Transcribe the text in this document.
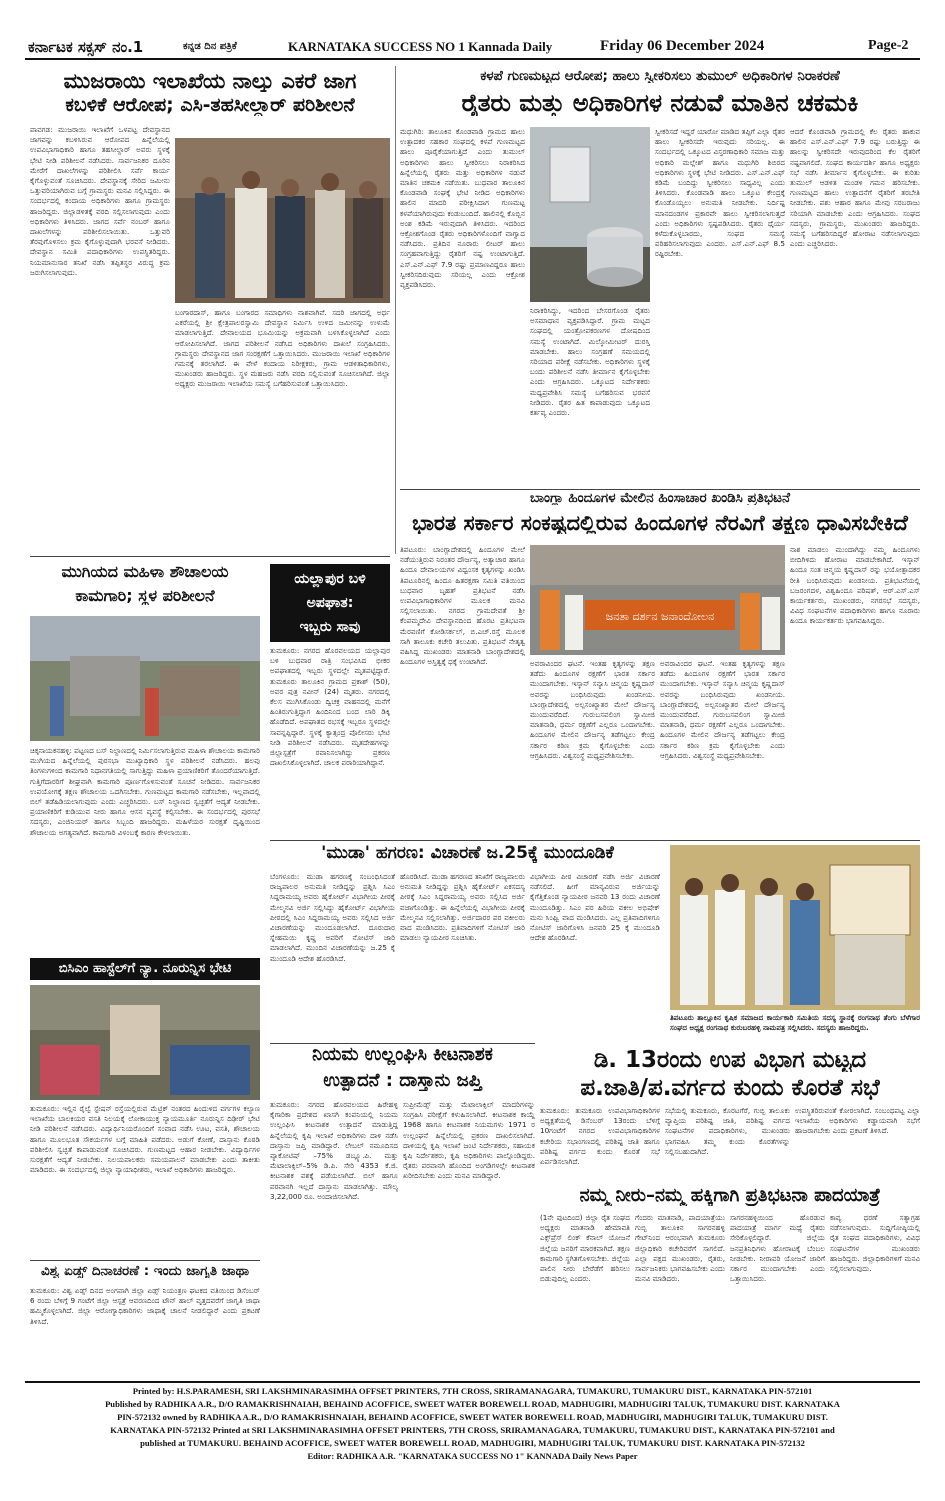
ಕರ್ನಾಟಕ ಸಕ್ಸಸ್ ನಂ.1	ಕನ್ನಡ ದಿನ ಪತ್ರಿಕೆ	KARNATAKA SUCCESS NO 1 Kannada Daily	Friday 06 December 2024	Page-2
ಮುಜರಾಯಿ ಇಲಾಖೆಯ ನಾಲ್ಕು ಎಕರೆ ಜಾಗ
ಕಬಳಿಕೆ ಆರೋಪ; ಎಸಿ-ತಹಸೀಲ್ದಾರ್ ಪರಿಶೀಲನೆ
ಪಾವಗಡ: ಮುಜರಾಯಿ ಇಲಾಖೆಗೆ ಒಳಪಟ್ಟ ದೇವಸ್ಥಾನದ ಜಾಗವನ್ನು ಕಬಳಿಸಿರುವ ಆರೋಪದ ಹಿನ್ನೆಲೆಯಲ್ಲಿ ಉಪವಿಭಾಗಾಧಿಕಾರಿ ಹಾಗೂ ತಹಸೀಲ್ದಾರ್ ಅವರು ಸ್ಥಳಕ್ಕೆ ಭೇಟಿ ನೀಡಿ ಪರಿಶೀಲನೆ ನಡೆಸಿದರು. ಸಾರ್ವಜನಿಕರ ದೂರಿನ ಮೇರೆಗೆ ದಾಖಲೆಗಳನ್ನು ಪರಿಶೀಲಿಸಿ ಸರ್ವೆ ಕಾರ್ಯ ಕೈಗೊಳ್ಳುವಂತೆ ಸೂಚಿಸಿದರು. ದೇವಸ್ಥಾನಕ್ಕೆ ಸೇರಿದ ಜಮೀನು ಒತ್ತುವರಿಯಾಗಿರುವ ಬಗ್ಗೆ ಗ್ರಾಮಸ್ಥರು ಮನವಿ ಸಲ್ಲಿಸಿದ್ದರು. ಈ ಸಂದರ್ಭದಲ್ಲಿ ಕಂದಾಯ ಅಧಿಕಾರಿಗಳು ಹಾಗೂ ಗ್ರಾಮಸ್ಥರು ಹಾಜರಿದ್ದರು. ಜಿಲ್ಲಾಡಳಿತಕ್ಕೆ ವರದಿ ಸಲ್ಲಿಸಲಾಗುವುದು ಎಂದು ಅಧಿಕಾರಿಗಳು ತಿಳಿಸಿದರು. ಜಾಗದ ಸರ್ವೆ ನಂಬರ್ ಹಾಗೂ ದಾಖಲೆಗಳನ್ನು ಪರಿಶೀಲಿಸಲಾಯಿತು. ಒತ್ತುವರಿ ತೆರವುಗೊಳಿಸಲು ಕ್ರಮ ಕೈಗೊಳ್ಳುವುದಾಗಿ ಭರವಸೆ ನೀಡಿದರು. ದೇವಸ್ಥಾನ ಸಮಿತಿ ಪದಾಧಿಕಾರಿಗಳು ಉಪಸ್ಥಿತರಿದ್ದರು. ನಿಯಮಾನುಸಾರ ತನಿಖೆ ನಡೆಸಿ ತಪ್ಪಿತಸ್ಥರ ವಿರುದ್ಧ ಕ್ರಮ ಜರುಗಿಸಲಾಗುವುದು.
ಬಂಗಾರದಾಸ್, ಹಾಗೂ ಬಂಗಾರದ ಸಮಾಧಿಗಳು ನಾಶವಾಗಿವೆ. ಸದರಿ ಜಾಗದಲ್ಲಿ ಅರ್ಧ ಎಕರೆಯಲ್ಲಿ ಶ್ರೀ ಕ್ಷೇತ್ರಪಾಲರಸ್ವಾಮಿ ದೇವಸ್ಥಾನ ನಿರ್ಮಿಸಿ ಉಳಿದ ಜಮೀನನ್ನು ಉಳುಮೆ ಮಾಡಲಾಗುತ್ತಿದೆ. ದೇವಾಲಯದ ಭೂಮಿಯನ್ನು ಅಕ್ರಮವಾಗಿ ಬಳಸಿಕೊಳ್ಳಲಾಗಿದೆ ಎಂದು ಆರೋಪಿಸಲಾಗಿದೆ. ಜಾಗದ ಪರಿಶೀಲನೆ ನಡೆಸಿದ ಅಧಿಕಾರಿಗಳು ದಾಖಲೆ ಸಂಗ್ರಹಿಸಿದರು. ಗ್ರಾಮಸ್ಥರು ದೇವಸ್ಥಾನದ ಜಾಗ ಸಂರಕ್ಷಣೆಗೆ ಒತ್ತಾಯಿಸಿದರು. ಮುಜರಾಯಿ ಇಲಾಖೆ ಅಧಿಕಾರಿಗಳ ಗಮನಕ್ಕೆ ತರಲಾಗಿದೆ. ಈ ವೇಳೆ ಕಂದಾಯ ನಿರೀಕ್ಷಕರು, ಗ್ರಾಮ ಆಡಳಿತಾಧಿಕಾರಿಗಳು, ಮುಖಂಡರು ಹಾಜರಿದ್ದರು. ಸ್ಥಳ ಮಹಜರು ನಡೆಸಿ ವರದಿ ಸಲ್ಲಿಸುವಂತೆ ಸೂಚಿಸಲಾಗಿದೆ. ಜಿಲ್ಲಾ ಅಧ್ಯಕ್ಷರು ಮುಜರಾಯಿ ಇಲಾಖೆಯ ಸಮಸ್ಯೆ ಬಗೆಹರಿಸುವಂತೆ ಒತ್ತಾಯಿಸಿದರು.
ಕಳಪೆ ಗುಣಮಟ್ಟದ ಆರೋಪ; ಹಾಲು ಸ್ವೀಕರಿಸಲು ತುಮುಲ್ ಅಧಿಕಾರಿಗಳ ನಿರಾಕರಣೆ
ರೈತರು ಮತ್ತು ಅಧಿಕಾರಿಗಳ ನಡುವೆ ಮಾತಿನ ಚಕಮಕಿ
ಮಧುಗಿರಿ: ತಾಲೂಕಿನ ಕೊಂಡವಾಡಿ ಗ್ರಾಮದ ಹಾಲು ಉತ್ಪಾದಕರ ಸಹಕಾರ ಸಂಘದಲ್ಲಿ ಕಳಪೆ ಗುಣಮಟ್ಟದ ಹಾಲು ಪೂರೈಕೆಯಾಗುತ್ತಿದೆ ಎಂದು ತುಮುಲ್ ಅಧಿಕಾರಿಗಳು ಹಾಲು ಸ್ವೀಕರಿಸಲು ನಿರಾಕರಿಸಿದ ಹಿನ್ನೆಲೆಯಲ್ಲಿ ರೈತರು ಮತ್ತು ಅಧಿಕಾರಿಗಳ ನಡುವೆ ಮಾತಿನ ಚಕಮಕಿ ನಡೆಯಿತು. ಬುಧವಾರ ತಾಲೂಕಿನ ಕೊಂಡವಾಡಿ ಸಂಘಕ್ಕೆ ಭೇಟಿ ನೀಡಿದ ಅಧಿಕಾರಿಗಳು ಹಾಲಿನ ಮಾದರಿ ಪರೀಕ್ಷಿಸಿದಾಗ ಗುಣಮಟ್ಟ ಕಳಪೆಯಾಗಿರುವುದು ಕಂಡುಬಂದಿದೆ. ಹಾಲಿನಲ್ಲಿ ಕೊಬ್ಬಿನ ಅಂಶ ಕಡಿಮೆ ಇರುವುದಾಗಿ ತಿಳಿಸಿದರು. ಇದರಿಂದ ಆಕ್ರೋಶಗೊಂಡ ರೈತರು ಅಧಿಕಾರಿಗಳೊಂದಿಗೆ ವಾಗ್ವಾದ ನಡೆಸಿದರು. ಪ್ರತಿದಿನ ನೂರಾರು ಲೀಟರ್ ಹಾಲು ಸಂಗ್ರಹವಾಗುತ್ತಿದ್ದು ರೈತರಿಗೆ ನಷ್ಟ ಉಂಟಾಗುತ್ತಿದೆ. ಎಸ್.ಎನ್.ಎಫ್ 7.9 ರಷ್ಟು ಪ್ರಮಾಣವಿದ್ದರೂ ಹಾಲು ಸ್ವೀಕರಿಸದಿರುವುದು ಸರಿಯಲ್ಲ ಎಂದು ಆಕ್ರೋಶ ವ್ಯಕ್ತಪಡಿಸಿದರು.
ನಿರಾಕರಿಸಿದ್ದು, ಇದರಿಂದ ಬೇಸರಗೊಂಡ ರೈತರು ಅಸಮಾಧಾನ ವ್ಯಕ್ತಪಡಿಸಿದ್ದಾರೆ. ಗ್ರಾಮ ಮಟ್ಟದ ಸಂಘದಲ್ಲಿ ಯಂತ್ರೋಪಕರಣಗಳ ದೋಷದಿಂದ ಸಮಸ್ಯೆ ಉಂಟಾಗಿದೆ. ಮಿಲ್ಕೋಮೀಟರ್ ದುರಸ್ತಿ ಮಾಡಬೇಕು. ಹಾಲು ಸಂಗ್ರಹಣೆ ಸಮಯದಲ್ಲಿ ಸರಿಯಾದ ಪರೀಕ್ಷೆ ನಡೆಸಬೇಕು. ಅಧಿಕಾರಿಗಳು ಸ್ಥಳಕ್ಕೆ ಬಂದು ಪರಿಶೀಲನೆ ನಡೆಸಿ ತೀರ್ಮಾನ ಕೈಗೊಳ್ಳಬೇಕು ಎಂದು ಆಗ್ರಹಿಸಿದರು. ಒಕ್ಕೂಟದ ನಿರ್ದೇಶಕರು ಮಧ್ಯಪ್ರವೇಶಿಸಿ ಸಮಸ್ಯೆ ಬಗೆಹರಿಸುವ ಭರವಸೆ ನೀಡಿದರು. ರೈತರ ಹಿತ ಕಾಪಾಡುವುದು ಒಕ್ಕೂಟದ ಕರ್ತವ್ಯ ಎಂದರು.
ಸ್ವೀಕರಿಸದೆ ಇದ್ದರೆ ಯಾರೋ ಮಾಡಿದ ತಪ್ಪಿಗೆ ಎಲ್ಲಾ ರೈತರ ಹಾಲು ಸ್ವೀಕರಿಸದೇ ಇರುವುದು ಸರಿಯಲ್ಲ. ಈ ಸಂದರ್ಭದಲ್ಲಿ ಒಕ್ಕೂಟದ ವಿಸ್ತರಣಾಧಿಕಾರಿ ಸಮಾಜ ಮತ್ತು ಅಧಿಕಾರಿ ಮಲ್ಲೇಶ್ ಹಾಗೂ ಮಧುಗಿರಿ ಶಿಬಿರದ ಅಧಿಕಾರಿಗಳು ಸ್ಥಳಕ್ಕೆ ಭೇಟಿ ನೀಡಿದರು. ಎಸ್.ಎನ್.ಎಫ್ ಕಡಿಮೆ ಬಂದಿದ್ದು ಸ್ವೀಕರಿಸಲು ಸಾಧ್ಯವಿಲ್ಲ ಎಂದು ತಿಳಿಸಿದರು. ಕೊಂಡವಾಡಿ ಹಾಲು ಒಕ್ಕೂಟ ಕೇಂದ್ರಕ್ಕೆ ಕೊಂಡೊಯ್ಯಲು ಅನುಮತಿ ನೀಡಬೇಕು. ನಿರ್ದಿಷ್ಟ ಮಾನದಂಡಗಳ ಪ್ರಕಾರವೇ ಹಾಲು ಸ್ವೀಕರಿಸಲಾಗುತ್ತದೆ ಎಂದು ಅಧಿಕಾರಿಗಳು ಸ್ಪಷ್ಟಪಡಿಸಿದರು. ರೈತರು ಧೈರ್ಯ ಕಳೆದುಕೊಳ್ಳಬಾರದು, ಸಂಘದ ಸಮಸ್ಯೆ ಪರಿಹರಿಸಲಾಗುವುದು ಎಂದರು. ಎಸ್.ಎನ್.ಎಫ್ 8.5 ರಷ್ಟಿರಬೇಕು.
ಆದರೆ ಕೊಂಡವಾಡಿ ಗ್ರಾಮದಲ್ಲಿ ಕೆಲ ರೈತರು ಹಾಕುವ ಹಾಲಿನ ಎಸ್.ಎನ್.ಎಫ್ 7.9 ರಷ್ಟು ಬರುತ್ತಿದ್ದು ಈ ಹಾಲನ್ನು ಸ್ವೀಕರಿಸದೇ ಇರುವುದರಿಂದ ಕೆಲ ರೈತರಿಗೆ ನಷ್ಟವಾಗಲಿದೆ. ಸಂಘದ ಕಾರ್ಯದರ್ಶಿ ಹಾಗೂ ಅಧ್ಯಕ್ಷರು ಸಭೆ ನಡೆಸಿ ತೀರ್ಮಾನ ಕೈಗೊಳ್ಳಬೇಕು. ಈ ಕುರಿತು ತುಮುಲ್ ಆಡಳಿತ ಮಂಡಳಿ ಗಮನ ಹರಿಸಬೇಕು. ಗುಣಮಟ್ಟದ ಹಾಲು ಉತ್ಪಾದನೆಗೆ ರೈತರಿಗೆ ತರಬೇತಿ ನೀಡಬೇಕು. ಪಶು ಆಹಾರ ಹಾಗೂ ಮೇವು ಸರಬರಾಜು ಸರಿಯಾಗಿ ಮಾಡಬೇಕು ಎಂದು ಆಗ್ರಹಿಸಿದರು. ಸಂಘದ ಸದಸ್ಯರು, ಗ್ರಾಮಸ್ಥರು, ಮುಖಂಡರು ಹಾಜರಿದ್ದರು. ಸಮಸ್ಯೆ ಬಗೆಹರಿಸದಿದ್ದರೆ ಹೋರಾಟ ನಡೆಸಲಾಗುವುದು ಎಂದು ಎಚ್ಚರಿಸಿದರು.
ಬಾಂಗ್ಲಾ ಹಿಂದೂಗಳ ಮೇಲಿನ ಹಿಂಸಾಚಾರ ಖಂಡಿಸಿ ಪ್ರತಿಭಟನೆ
ಭಾರತ ಸರ್ಕಾರ ಸಂಕಷ್ಟದಲ್ಲಿರುವ ಹಿಂದೂಗಳ ನೆರವಿಗೆ ತಕ್ಷಣ ಧಾವಿಸಬೇಕಿದೆ
ತಿಪಟೂರು: ಬಾಂಗ್ಲಾದೇಶದಲ್ಲಿ ಹಿಂದೂಗಳ ಮೇಲೆ ನಡೆಯುತ್ತಿರುವ ನಿರಂತರ ದೌರ್ಜನ್ಯ, ಅತ್ಯಾಚಾರ ಹಾಗೂ ಹಿಂದೂ ದೇವಾಲಯಗಳ ವಿಧ್ವಂಸಕ ಕೃತ್ಯಗಳನ್ನು ಖಂಡಿಸಿ ತಿಪಟೂರಿನಲ್ಲಿ ಹಿಂದೂ ಹಿತರಕ್ಷಣಾ ಸಮಿತಿ ವತಿಯಿಂದ ಬುಧವಾರ ಬೃಹತ್ ಪ್ರತಿಭಟನೆ ನಡೆಸಿ ಉಪವಿಭಾಗಾಧಿಕಾರಿಗಳ ಮೂಲಕ ಮನವಿ ಸಲ್ಲಿಸಲಾಯಿತು. ನಗರದ ಗ್ರಾಮದೇವತೆ ಶ್ರೀ ಕೆಂಪಮ್ಮದೇವಿ ದೇವಸ್ಥಾನದಿಂದ ಹೊರಟ ಪ್ರತಿಭಟನಾ ಮೆರವಣಿಗೆ ಕೋಡಿಸರ್ಕಲ್, ಬಿ.ಎಚ್.ರಸ್ತೆ ಮೂಲಕ ಸಾಗಿ ತಾಲೂಕು ಕಚೇರಿ ತಲುಪಿತು. ಪ್ರತಿಭಟನೆ ನೇತೃತ್ವ ವಹಿಸಿದ್ದ ಮುಖಂಡರು ಮಾತನಾಡಿ ಬಾಂಗ್ಲಾದೇಶದಲ್ಲಿ ಹಿಂದೂಗಳ ಅಸ್ತಿತ್ವಕ್ಕೆ ಧಕ್ಕೆ ಉಂಟಾಗಿದೆ.
ಜನತಾ ದರ್ಶನ ಜನಾಂದೋಲನ
ಅವರಾವಿಂದರ ಘಟನೆ. ಇಂತಹ ಕೃತ್ಯಗಳನ್ನು ತಕ್ಷಣ ತಡೆದು ಹಿಂದೂಗಳ ರಕ್ಷಣೆಗೆ ಭಾರತ ಸರ್ಕಾರ ಮುಂದಾಗಬೇಕು. ಇಸ್ಕಾನ್ ಸನ್ಯಾಸಿ ಚಿನ್ಮಯ ಕೃಷ್ಣದಾಸ್ ಅವರನ್ನು ಬಂಧಿಸಿರುವುದು ಖಂಡನೀಯ. ಬಾಂಗ್ಲಾದೇಶದಲ್ಲಿ ಅಲ್ಪಸಂಖ್ಯಾತರ ಮೇಲೆ ದೌರ್ಜನ್ಯ ಮುಂದುವರೆದಿದೆ. ಗುರುಬಸವಲಿಂಗ ಸ್ವಾಮೀಜಿ ಮಾತನಾಡಿ, ಧರ್ಮ ರಕ್ಷಣೆಗೆ ಎಲ್ಲರೂ ಒಂದಾಗಬೇಕು. ಹಿಂದೂಗಳ ಮೇಲಿನ ದೌರ್ಜನ್ಯ ತಡೆಗಟ್ಟಲು ಕೇಂದ್ರ ಸರ್ಕಾರ ಕಠಿಣ ಕ್ರಮ ಕೈಗೊಳ್ಳಬೇಕು ಎಂದು ಆಗ್ರಹಿಸಿದರು. ವಿಶ್ವಸಂಸ್ಥೆ ಮಧ್ಯಪ್ರವೇಶಿಸಬೇಕು.
ಅವರಾವಿಂದರ ಘಟನೆ. ಇಂತಹ ಕೃತ್ಯಗಳನ್ನು ತಕ್ಷಣ ತಡೆದು ಹಿಂದೂಗಳ ರಕ್ಷಣೆಗೆ ಭಾರತ ಸರ್ಕಾರ ಮುಂದಾಗಬೇಕು. ಇಸ್ಕಾನ್ ಸನ್ಯಾಸಿ ಚಿನ್ಮಯ ಕೃಷ್ಣದಾಸ್ ಅವರನ್ನು ಬಂಧಿಸಿರುವುದು ಖಂಡನೀಯ. ಬಾಂಗ್ಲಾದೇಶದಲ್ಲಿ ಅಲ್ಪಸಂಖ್ಯಾತರ ಮೇಲೆ ದೌರ್ಜನ್ಯ ಮುಂದುವರೆದಿದೆ. ಗುರುಬಸವಲಿಂಗ ಸ್ವಾಮೀಜಿ ಮಾತನಾಡಿ, ಧರ್ಮ ರಕ್ಷಣೆಗೆ ಎಲ್ಲರೂ ಒಂದಾಗಬೇಕು. ಹಿಂದೂಗಳ ಮೇಲಿನ ದೌರ್ಜನ್ಯ ತಡೆಗಟ್ಟಲು ಕೇಂದ್ರ ಸರ್ಕಾರ ಕಠಿಣ ಕ್ರಮ ಕೈಗೊಳ್ಳಬೇಕು ಎಂದು ಆಗ್ರಹಿಸಿದರು. ವಿಶ್ವಸಂಸ್ಥೆ ಮಧ್ಯಪ್ರವೇಶಿಸಬೇಕು.
ನಾಶ ಮಾಡಲು ಮುಂದಾಗಿದ್ದು ನಮ್ಮ ಹಿಂದೂಗಳು ಬೀದಿಗಿಳಿದು ಹೋರಾಟ ಮಾಡಬೇಕಾಗಿದೆ. ಇಸ್ಕಾನ್ ಹಿಂದೂ ಸಂತ ಚಿನ್ಮಯ ಕೃಷ್ಣದಾಸ್ ರನ್ನು ಭಯೋತ್ಪಾದಕರ ರೀತಿ ಬಂಧಿಸಿರುವುದು ಖಂಡನೀಯ. ಪ್ರತಿಭಟನೆಯಲ್ಲಿ ಬಜರಂಗದಳ, ವಿಶ್ವಹಿಂದೂ ಪರಿಷತ್, ಆರ್.ಎಸ್.ಎಸ್ ಕಾರ್ಯಕರ್ತರು, ಮುಖಂಡರು, ನಗರಸಭೆ ಸದಸ್ಯರು, ವಿವಿಧ ಸಂಘಟನೆಗಳ ಪದಾಧಿಕಾರಿಗಳು ಹಾಗೂ ನೂರಾರು ಹಿಂದೂ ಕಾರ್ಯಕರ್ತರು ಭಾಗವಹಿಸಿದ್ದರು.
ಮುಗಿಯದ ಮಹಿಳಾ ಶೌಚಾಲಯ
ಕಾಮಗಾರಿ; ಸ್ಥಳ ಪರಿಶೀಲನೆ
ಚಿಕ್ಕನಾಯಕನಹಳ್ಳಿ: ಪಟ್ಟಣದ ಬಸ್ ನಿಲ್ದಾಣದಲ್ಲಿ ನಿರ್ಮಿಸಲಾಗುತ್ತಿರುವ ಮಹಿಳಾ ಶೌಚಾಲಯ ಕಾಮಗಾರಿ ಮುಗಿಯದ ಹಿನ್ನೆಲೆಯಲ್ಲಿ ಪುರಸಭಾ ಮುಖ್ಯಾಧಿಕಾರಿ ಸ್ಥಳ ಪರಿಶೀಲನೆ ನಡೆಸಿದರು. ಹಲವು ತಿಂಗಳುಗಳಿಂದ ಕಾಮಗಾರಿ ನಿಧಾನಗತಿಯಲ್ಲಿ ಸಾಗುತ್ತಿದ್ದು ಮಹಿಳಾ ಪ್ರಯಾಣಿಕರಿಗೆ ತೊಂದರೆಯಾಗುತ್ತಿದೆ. ಗುತ್ತಿಗೆದಾರರಿಗೆ ಶೀಘ್ರವಾಗಿ ಕಾಮಗಾರಿ ಪೂರ್ಣಗೊಳಿಸುವಂತೆ ಸೂಚನೆ ನೀಡಿದರು. ಸಾರ್ವಜನಿಕರ ಉಪಯೋಗಕ್ಕೆ ತಕ್ಷಣ ಶೌಚಾಲಯ ಒದಗಿಸಬೇಕು. ಗುಣಮಟ್ಟದ ಕಾಮಗಾರಿ ನಡೆಸಬೇಕು, ಇಲ್ಲವಾದಲ್ಲಿ ಬಿಲ್ ತಡೆಹಿಡಿಯಲಾಗುವುದು ಎಂದು ಎಚ್ಚರಿಸಿದರು. ಬಸ್ ನಿಲ್ದಾಣದ ಸ್ವಚ್ಛತೆಗೆ ಆದ್ಯತೆ ನೀಡಬೇಕು. ಪ್ರಯಾಣಿಕರಿಗೆ ಕುಡಿಯುವ ನೀರು ಹಾಗೂ ಆಸನ ವ್ಯವಸ್ಥೆ ಕಲ್ಪಿಸಬೇಕು. ಈ ಸಂದರ್ಭದಲ್ಲಿ ಪುರಸಭೆ ಸದಸ್ಯರು, ಎಂಜಿನಿಯರ್ ಹಾಗೂ ಸಿಬ್ಬಂದಿ ಹಾಜರಿದ್ದರು. ಮಹಿಳೆಯರ ಸುರಕ್ಷತೆ ದೃಷ್ಟಿಯಿಂದ ಶೌಚಾಲಯ ಅಗತ್ಯವಾಗಿದೆ. ಕಾಮಗಾರಿ ವಿಳಂಬಕ್ಕೆ ಕಾರಣ ಕೇಳಲಾಯಿತು.
ಯಲ್ಲಾಪುರ ಬಳಿ
ಅಪಘಾತ:
ಇಬ್ಬರು ಸಾವು
ತುಮಕೂರು: ನಗರದ ಹೊರವಲಯದ ಯಲ್ಲಾಪುರ ಬಳಿ ಬುಧವಾರ ರಾತ್ರಿ ಸಂಭವಿಸಿದ ಭೀಕರ ಅಪಘಾತದಲ್ಲಿ ಇಬ್ಬರು ಸ್ಥಳದಲ್ಲೇ ಮೃತಪಟ್ಟಿದ್ದಾರೆ. ತುಮಕೂರು ತಾಲೂಕಿನ ಗ್ರಾಮದ ಪ್ರಕಾಶ್ (50), ಅವರ ಪುತ್ರ ನವೀನ್ (24) ಮೃತರು. ನಗರದಲ್ಲಿ ಕೆಲಸ ಮುಗಿಸಿಕೊಂಡು ದ್ವಿಚಕ್ರ ವಾಹನದಲ್ಲಿ ಮನೆಗೆ ಹಿಂತಿರುಗುತ್ತಿದ್ದಾಗ ಹಿಂದಿನಿಂದ ಬಂದ ಲಾರಿ ಡಿಕ್ಕಿ ಹೊಡೆದಿದೆ. ಅಪಘಾತದ ರಭಸಕ್ಕೆ ಇಬ್ಬರೂ ಸ್ಥಳದಲ್ಲೇ ಸಾವನ್ನಪ್ಪಿದ್ದಾರೆ. ಸ್ಥಳಕ್ಕೆ ಕ್ಯಾತ್ಸಂದ್ರ ಪೊಲೀಸರು ಭೇಟಿ ನೀಡಿ ಪರಿಶೀಲನೆ ನಡೆಸಿದರು. ಮೃತದೇಹಗಳನ್ನು ಜಿಲ್ಲಾಸ್ಪತ್ರೆಗೆ ರವಾನಿಸಲಾಗಿದ್ದು ಪ್ರಕರಣ ದಾಖಲಿಸಿಕೊಳ್ಳಲಾಗಿದೆ. ಚಾಲಕ ಪರಾರಿಯಾಗಿದ್ದಾನೆ.
'ಮುಡಾ' ಹಗರಣ: ವಿಚಾರಣೆ ಜ.25ಕ್ಕೆ ಮುಂದೂಡಿಕೆ
ಬೆಂಗಳೂರು: ಮುಡಾ ಹಗರಣಕ್ಕೆ ಸಂಬಂಧಿಸಿದಂತೆ ರಾಜ್ಯಪಾಲರ ಅನುಮತಿ ನೀಡಿದ್ದನ್ನು ಪ್ರಶ್ನಿಸಿ ಸಿಎಂ ಸಿದ್ದರಾಮಯ್ಯ ಅವರು ಹೈಕೋರ್ಟ್ ವಿಭಾಗೀಯ ಪೀಠಕ್ಕೆ ಮೇಲ್ಮನವಿ ಅರ್ಜಿ ಸಲ್ಲಿಸಿದ್ದು ಹೈಕೋರ್ಟ್ ವಿಭಾಗೀಯ ಪೀಠದಲ್ಲಿ ಸಿಎಂ ಸಿದ್ದರಾಮಯ್ಯ ಅವರು ಸಲ್ಲಿಸಿದ ಅರ್ಜಿ ವಿಚಾರಣೆಯನ್ನು ಮುಂದೂಡಲಾಗಿದೆ. ದೂರುದಾರ ಸ್ನೇಹಮಯಿ ಕೃಷ್ಣ ಅವರಿಗೆ ನೋಟಿಸ್ ಜಾರಿ ಮಾಡಲಾಗಿದೆ. ಮುಂದಿನ ವಿಚಾರಣೆಯನ್ನು ಜ.25 ಕ್ಕೆ ಮುಂದೂಡಿ ಆದೇಶ ಹೊರಡಿಸಿದೆ.
ಹೊರಡಿಸಿದೆ. ಮುಡಾ ಹಗರಣದ ತನಿಖೆಗೆ ರಾಜ್ಯಪಾಲರು ಅನುಮತಿ ನೀಡಿದ್ದನ್ನು ಪ್ರಶ್ನಿಸಿ ಹೈಕೋರ್ಟ್ ಏಕಸದಸ್ಯ ಪೀಠಕ್ಕೆ ಸಿಎಂ ಸಿದ್ದರಾಮಯ್ಯ ಅವರು ಸಲ್ಲಿಸಿದ ಅರ್ಜಿ ವಜಾಗೊಂಡಿತ್ತು. ಈ ಹಿನ್ನೆಲೆಯಲ್ಲಿ ವಿಭಾಗೀಯ ಪೀಠಕ್ಕೆ ಮೇಲ್ಮನವಿ ಸಲ್ಲಿಸಲಾಗಿತ್ತು. ಅರ್ಜಿದಾರರ ಪರ ವಕೀಲರು ವಾದ ಮಂಡಿಸಿದರು. ಪ್ರತಿವಾದಿಗಳಿಗೆ ನೋಟಿಸ್ ಜಾರಿ ಮಾಡಲು ನ್ಯಾಯಪೀಠ ಸೂಚಿಸಿತು.
ವಿಭಾಗೀಯ ಪೀಠ ವಿಚಾರಣೆ ನಡೆಸಿ ಅರ್ಜಿ ವಿಚಾರಣೆ ನಡೆಸಲಿದೆ. ಹೀಗೆ ಮಾನ್ಯವಿರುವ ಅರ್ಜಿಯನ್ನು ಕೈಗೆತ್ತಿಕೊಂಡ ನ್ಯಾಯಪೀಠ ಜನವರಿ 13 ರಂದು ವಿಚಾರಣೆ ಮುಂದೂಡಿತ್ತು. ಸಿಎಂ ಪರ ಹಿರಿಯ ವಕೀಲ ಅಭಿಷೇಕ್ ಮನು ಸಿಂಘ್ವಿ ವಾದ ಮಂಡಿಸಿದರು. ಎಲ್ಲ ಪ್ರತಿವಾದಿಗಳಿಗೂ ನೋಟಿಸ್ ಜಾರಿಗೊಳಿಸಿ ಜನವರಿ 25 ಕ್ಕೆ ಮುಂದೂಡಿ ಆದೇಶ ಹೊರಡಿಸಿದೆ.
ತಿಪಟೂರು ತಾಲ್ಲೂಕಿನ ಕೃಷಿಕ ಸಮಾಜದ ಕಾರ್ಯಕಾರಿ ಸಮಿತಿಯ ಸದಸ್ಯ ಸ್ಥಾನಕ್ಕೆ ರಂಗನಾಥ ತೆಂಗು ಬೆಳೆಗಾರ ಸಂಘದ ಅಧ್ಯಕ್ಷ ರಂಗನಾಥ ಕುರುಬರಹಳ್ಳಿ ನಾಮಪತ್ರ ಸಲ್ಲಿಸಿದರು. ಸದಸ್ಯರು ಹಾಜರಿದ್ದರು.
ಬಿಸಿಎಂ ಹಾಸ್ಟೆಲ್‌ಗೆ ನ್ಯಾ. ನೂರುನ್ನಿಸ ಭೇಟಿ
ತುಮಕೂರು: ಇಲ್ಲಿನ ರೈಲ್ವೆ ಸ್ಟೇಷನ್ ರಸ್ತೆಯಲ್ಲಿರುವ ಮೆಟ್ರಿಕ್ ನಂತರದ ಹಿಂದುಳಿದ ವರ್ಗಗಳ ಕಲ್ಯಾಣ ಇಲಾಖೆಯ ಬಾಲಕಿಯರ ವಸತಿ ನಿಲಯಕ್ಕೆ ಲೋಕಾಯುಕ್ತ ನ್ಯಾಯಮೂರ್ತಿ ನೂರುನ್ನಿಸ ದಿಢೀರ್ ಭೇಟಿ ನೀಡಿ ಪರಿಶೀಲನೆ ನಡೆಸಿದರು. ವಿದ್ಯಾರ್ಥಿನಿಯರೊಂದಿಗೆ ಸಂವಾದ ನಡೆಸಿ ಊಟ, ವಸತಿ, ಶೌಚಾಲಯ ಹಾಗೂ ಮೂಲಭೂತ ಸೌಕರ್ಯಗಳ ಬಗ್ಗೆ ಮಾಹಿತಿ ಪಡೆದರು. ಅಡುಗೆ ಕೋಣೆ, ದಾಸ್ತಾನು ಕೊಠಡಿ ಪರಿಶೀಲಿಸಿ ಸ್ವಚ್ಛತೆ ಕಾಪಾಡುವಂತೆ ಸೂಚಿಸಿದರು. ಗುಣಮಟ್ಟದ ಆಹಾರ ನೀಡಬೇಕು. ವಿದ್ಯಾರ್ಥಿಗಳ ಸುರಕ್ಷತೆಗೆ ಆದ್ಯತೆ ನೀಡಬೇಕು. ನಿಲಯಪಾಲಕರು ಸಮಯಪಾಲನೆ ಮಾಡಬೇಕು ಎಂದು ತಾಕೀತು ಮಾಡಿದರು. ಈ ಸಂದರ್ಭದಲ್ಲಿ ಜಿಲ್ಲಾ ನ್ಯಾಯಾಧೀಶರು, ಇಲಾಖೆ ಅಧಿಕಾರಿಗಳು ಹಾಜರಿದ್ದರು.
ವಿಶ್ವ ಏಡ್ಸ್ ದಿನಾಚರಣೆ : ಇಂದು ಜಾಗೃತಿ ಜಾಥಾ
ತುಮಕೂರು: ವಿಶ್ವ ಏಡ್ಸ್ ದಿನದ ಅಂಗವಾಗಿ ಜಿಲ್ಲಾ ಏಡ್ಸ್ ನಿಯಂತ್ರಣ ಘಟಕದ ವತಿಯಿಂದ ಡಿಸೆಂಬರ್ 6 ರಂದು ಬೆಳಿಗ್ಗೆ 9 ಗಂಟೆಗೆ ಜಿಲ್ಲಾ ಆಸ್ಪತ್ರೆ ಆವರಣದಿಂದ ಟೌನ್ ಹಾಲ್ ವೃತ್ತದವರೆಗೆ ಜಾಗೃತಿ ಜಾಥಾ ಹಮ್ಮಿಕೊಳ್ಳಲಾಗಿದೆ. ಜಿಲ್ಲಾ ಆರೋಗ್ಯಾಧಿಕಾರಿಗಳು ಜಾಥಾಕ್ಕೆ ಚಾಲನೆ ನೀಡಲಿದ್ದಾರೆ ಎಂದು ಪ್ರಕಟಣೆ ತಿಳಿಸಿದೆ.
ನಿಯಮ ಉಲ್ಲಂಘಿಸಿ ಕೀಟನಾಶಕ
ಉತ್ಪಾದನೆ : ದಾಸ್ತಾನು ಜಪ್ತಿ
ತುಮಕೂರು: ನಗರದ ಹೊರವಲಯದ ಹಿರೇಹಳ್ಳಿ ಕೈಗಾರಿಕಾ ಪ್ರದೇಶದ ಖಾಸಗಿ ಕಂಪನಿಯಲ್ಲಿ ನಿಯಮ ಉಲ್ಲಂಘಿಸಿ ಕೀಟನಾಶಕ ಉತ್ಪಾದನೆ ಮಾಡುತ್ತಿದ್ದ ಹಿನ್ನೆಲೆಯಲ್ಲಿ ಕೃಷಿ ಇಲಾಖೆ ಅಧಿಕಾರಿಗಳು ದಾಳಿ ನಡೆಸಿ ದಾಸ್ತಾನು ಜಪ್ತಿ ಮಾಡಿದ್ದಾರೆ. ಲೇಬಲ್ ನಮೂದಿಸದ ವ್ಯಾಕೋಟಿಷ್ –75% ಡಬ್ಲ್ಯೂ.ಪಿ. ಮತ್ತು ಮೆಟಾಲಾಕ್ಸಿಲ್–5% ಡಿ.ಪಿ. ಸೇರಿ 4353 ಕೆ.ಜಿ. ಕೀಟನಾಶಕ ವಶಕ್ಕೆ ಪಡೆಯಲಾಗಿದೆ. ಬಿಲ್ ಹಾಗೂ ಪರವಾನಗಿ ಇಲ್ಲದೆ ದಾಸ್ತಾನು ಮಾಡಲಾಗಿತ್ತು. ಮೌಲ್ಯ 3,22,000 ರೂ. ಅಂದಾಜಿಸಲಾಗಿದೆ.
ಸುಪ್ರೀಮೆಡ್ಸ್ ಮತ್ತು ಮೆಟಾಲಾಕ್ಸಿಲ್ ಮಾದರಿಗಳನ್ನು ಸಂಗ್ರಹಿಸಿ ಪರೀಕ್ಷೆಗೆ ಕಳುಹಿಸಲಾಗಿದೆ. ಕೀಟನಾಶಕ ಕಾಯ್ದೆ 1968 ಹಾಗೂ ಕೀಟನಾಶಕ ನಿಯಮಗಳು 1971 ರ ಉಲ್ಲಂಘನೆ ಹಿನ್ನೆಲೆಯಲ್ಲಿ ಪ್ರಕರಣ ದಾಖಲಿಸಲಾಗಿದೆ. ದಾಳಿಯಲ್ಲಿ ಕೃಷಿ ಇಲಾಖೆ ಜಂಟಿ ನಿರ್ದೇಶಕರು, ಸಹಾಯಕ ಕೃಷಿ ನಿರ್ದೇಶಕರು, ಕೃಷಿ ಅಧಿಕಾರಿಗಳು ಪಾಲ್ಗೊಂಡಿದ್ದರು. ರೈತರು ಪರವಾನಗಿ ಹೊಂದಿದ ಅಂಗಡಿಗಳಲ್ಲೇ ಕೀಟನಾಶಕ ಖರೀದಿಸಬೇಕು ಎಂದು ಮನವಿ ಮಾಡಿದ್ದಾರೆ.
ಡಿ. 13ರಂದು ಉಪ ವಿಭಾಗ ಮಟ್ಟದ
ಪ.ಜಾತಿ/ಪ.ವರ್ಗದ ಕುಂದು ಕೊರತೆ ಸಭೆ
ತುಮಕೂರು: ತುಮಕೂರು ಉಪವಿಭಾಗಾಧಿಕಾರಿಗಳ ಅಧ್ಯಕ್ಷತೆಯಲ್ಲಿ ಡಿಸೆಂಬರ್ 13ರಂದು ಬೆಳಿಗ್ಗೆ 10ಗಂಟೆಗೆ ನಗರದ ಉಪವಿಭಾಗಾಧಿಕಾರಿಗಳ ಕಚೇರಿಯ ಸಭಾಂಗಣದಲ್ಲಿ ಪರಿಶಿಷ್ಟ ಜಾತಿ ಹಾಗೂ ಪರಿಶಿಷ್ಟ ವರ್ಗದ ಕುಂದು ಕೊರತೆ ಸಭೆ ಏರ್ಪಡಿಸಲಾಗಿದೆ.
ಸಭೆಯಲ್ಲಿ ತುಮಕೂರು, ಕೊರಟಗೆರೆ, ಗುಬ್ಬಿ ತಾಲೂಕು ವ್ಯಾಪ್ತಿಯ ಪರಿಶಿಷ್ಟ ಜಾತಿ, ಪರಿಶಿಷ್ಟ ವರ್ಗದ ಸಂಘಟನೆಗಳ ಪದಾಧಿಕಾರಿಗಳು, ಮುಖಂಡರು ಭಾಗವಹಿಸಿ ತಮ್ಮ ಕುಂದು ಕೊರತೆಗಳನ್ನು ಸಲ್ಲಿಸಬಹುದಾಗಿದೆ.
ಉಪಸ್ಥಿತರಿರುವಂತೆ ಕೋರಲಾಗಿದೆ. ಸಂಬಂಧಪಟ್ಟ ಎಲ್ಲಾ ಇಲಾಖೆಯ ಅಧಿಕಾರಿಗಳು ಕಡ್ಡಾಯವಾಗಿ ಸಭೆಗೆ ಹಾಜರಾಗಬೇಕು ಎಂದು ಪ್ರಕಟಣೆ ತಿಳಿಸಿದೆ.
ನಮ್ಮ ನೀರು–ನಮ್ಮ ಹಕ್ಕಿಗಾಗಿ ಪ್ರತಿಭಟನಾ ಪಾದಯಾತ್ರೆ
(1ನೇ ಪುಟದಿಂದ) ಜಿಲ್ಲಾ ರೈತ ಸಂಘದ ಅಧ್ಯಕ್ಷರು ಮಾತನಾಡಿ ಹೇಮಾವತಿ ಎಕ್ಸ್‌ಪ್ರೆಸ್ ಲಿಂಕ್ ಕೆನಾಲ್ ಯೋಜನೆ ಜಿಲ್ಲೆಯ ಜನರಿಗೆ ಮಾರಕವಾಗಿದೆ. ತಕ್ಷಣ ಕಾಮಗಾರಿ ಸ್ಥಗಿತಗೊಳಿಸಬೇಕು. ಜಿಲ್ಲೆಯ ಪಾಲಿನ ನೀರು ಬೇರೆಡೆಗೆ ಹರಿಸಲು ಬಿಡುವುದಿಲ್ಲ ಎಂದರು.
ಗೆಂದರು ಮಾತನಾಡಿ, ಪಾದಯಾತ್ರೆಯು ಗುಬ್ಬಿ ತಾಲೂಕಿನ ಸಾಗರನಹಳ್ಳಿ ಗೇಟ್‌ನಿಂದ ಆರಂಭವಾಗಿ ತುಮಕೂರು ಜಿಲ್ಲಾಧಿಕಾರಿ ಕಚೇರಿವರೆಗೆ ಸಾಗಲಿದೆ. ಎಲ್ಲಾ ಪಕ್ಷದ ಮುಖಂಡರು, ರೈತರು, ಸಾರ್ವಜನಿಕರು ಭಾಗವಹಿಸಬೇಕು ಎಂದು ಮನವಿ ಮಾಡಿದರು.
ಸಾಗರನಹಳ್ಳಿಯಿಂದ ಹೊರಡುವ ಪಾದಯಾತ್ರೆ ಮಾರ್ಗ ಮಧ್ಯೆ ರೈತರು ಸೇರಿಕೊಳ್ಳಲಿದ್ದಾರೆ. ಜಿಲ್ಲೆಯ ಜನಪ್ರತಿನಿಧಿಗಳು ಹೋರಾಟಕ್ಕೆ ಬೆಂಬಲ ನೀಡಬೇಕು. ನೀರಾವರಿ ಯೋಜನೆ ಜಾರಿಗೆ ಸರ್ಕಾರ ಮುಂದಾಗಬೇಕು ಎಂದು ಒತ್ತಾಯಿಸಿದರು.
ಕಾವ್ಯ ಧರಣೆ ಸತ್ಯಾಗ್ರಹ ನಡೆಸಲಾಗುವುದು. ಸುದ್ದಿಗೋಷ್ಠಿಯಲ್ಲಿ ರೈತ ಸಂಘದ ಪದಾಧಿಕಾರಿಗಳು, ವಿವಿಧ ಸಂಘಟನೆಗಳ ಮುಖಂಡರು ಹಾಜರಿದ್ದರು. ಜಿಲ್ಲಾಧಿಕಾರಿಗಳಿಗೆ ಮನವಿ ಸಲ್ಲಿಸಲಾಗುವುದು.
Printed by: H.S.PARAMESH, SRI LAKSHMINARASIMHA OFFSET PRINTERS, 7TH CROSS, SRIRAMANAGARA, TUMAKURU, TUMAKURU DIST., KARNATAKA PIN-572101
Published by RADHIKA A.R., D/O RAMAKRISHNAIAH, BEHAIND ACOFFICE, SWEET WATER BOREWELL ROAD, MADHUGIRI, MADHUGIRI TALUK, TUMAKURU DIST. KARNATAKA
PIN-572132 owned by RADHIKA A.R., D/O RAMAKRISHNAIAH, BEHAIND ACOFFICE, SWEET WATER BOREWELL ROAD, MADHUGIRI, MADHUGIRI TALUK, TUMAKURU DIST.
KARNATAKA PIN-572132 Printed at SRI LAKSHMINARASIMHA OFFSET PRINTERS, 7TH CROSS, SRIRAMANAGARA, TUMAKURU, TUMAKURU DIST., KARNATAKA PIN-572101 and
published at TUMAKURU. BEHAIND ACOFFICE, SWEET WATER BOREWELL ROAD, MADHUGIRI, MADHUGIRI TALUK, TUMAKURU DIST. KARNATAKA PIN-572132
Editor: RADHIKA A.R. "KARNATAKA SUCCESS NO 1" KANNADA Daily News Paper
